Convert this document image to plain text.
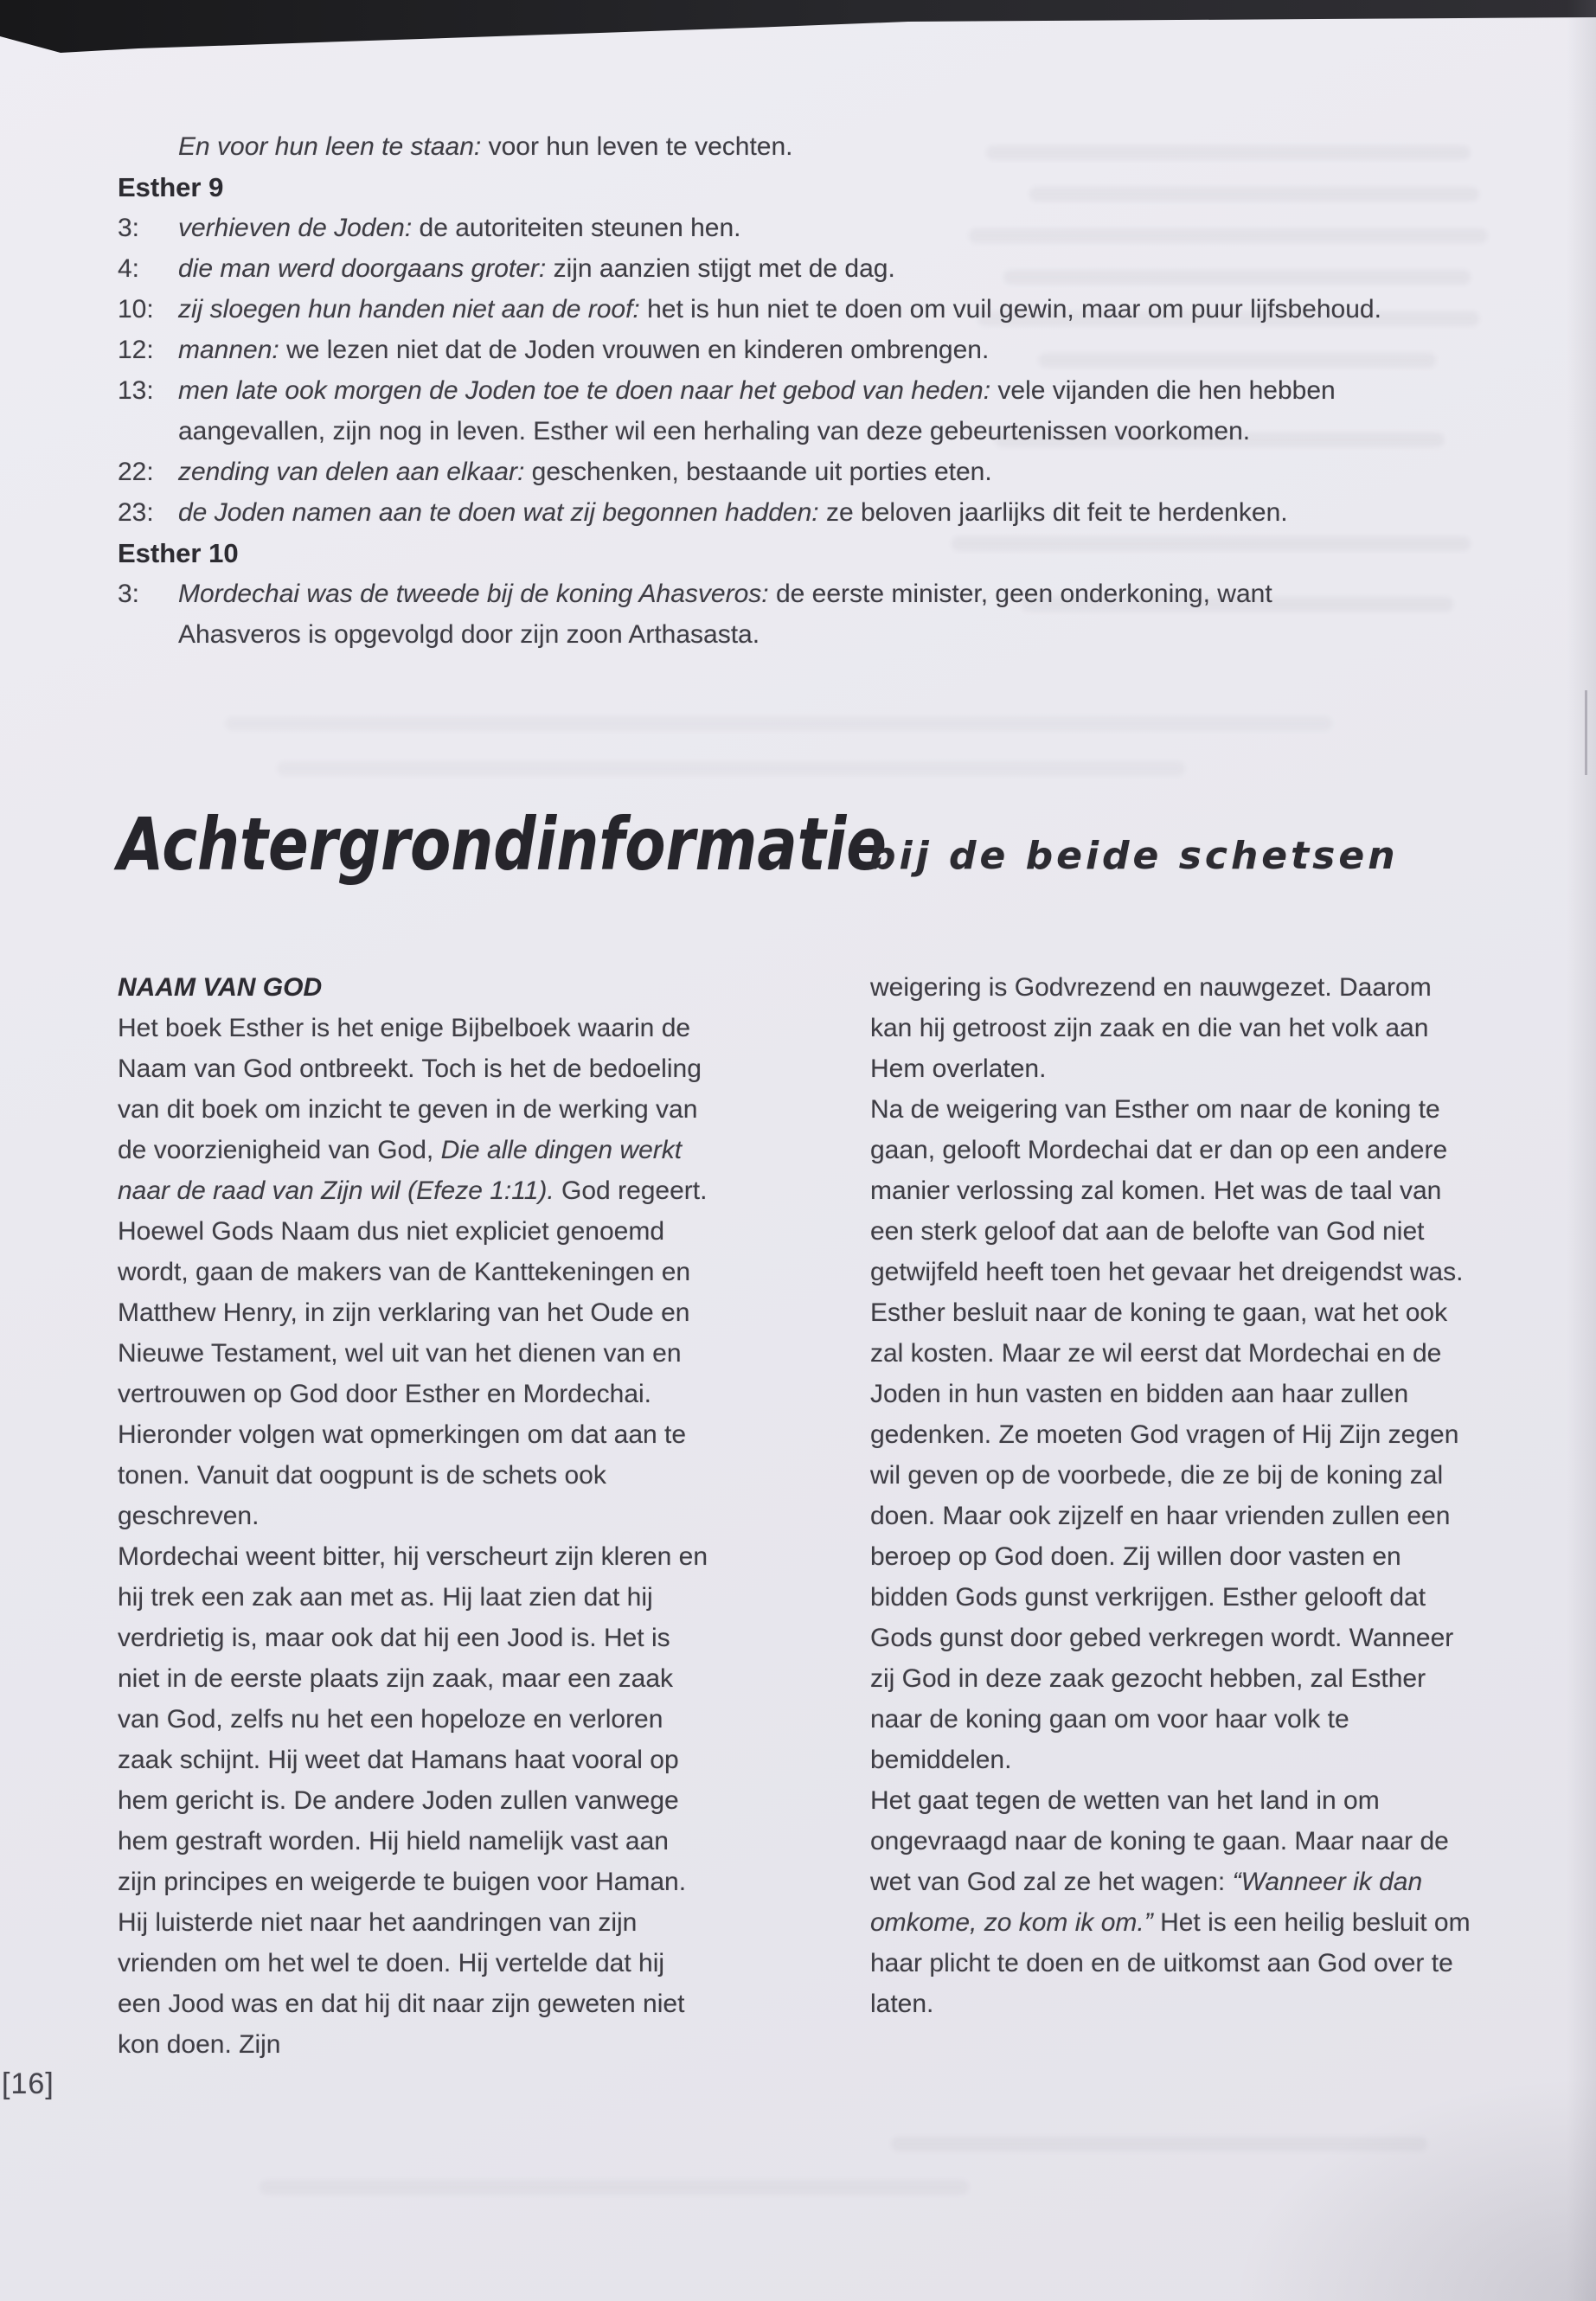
En voor hun leen te staan: voor hun leven te vechten.
Esther 9
3: verhieven de Joden: de autoriteiten steunen hen.
4: die man werd doorgaans groter: zijn aanzien stijgt met de dag.
10: zij sloegen hun handen niet aan de roof: het is hun niet te doen om vuil gewin, maar om puur lijfsbehoud.
12: mannen: we lezen niet dat de Joden vrouwen en kinderen ombrengen.
13: men late ook morgen de Joden toe te doen naar het gebod van heden: vele vijanden die hen hebben aangevallen, zijn nog in leven. Esther wil een herhaling van deze gebeurtenissen voorkomen.
22: zending van delen aan elkaar: geschenken, bestaande uit porties eten.
23: de Joden namen aan te doen wat zij begonnen hadden: ze beloven jaarlijks dit feit te herdenken.
Esther 10
3: Mordechai was de tweede bij de koning Ahasveros: de eerste minister, geen onderkoning, want Ahasveros is opgevolgd door zijn zoon Arthasasta.
Achtergrondinformatie
bij de beide schetsen
NAAM VAN GOD

Het boek Esther is het enige Bijbelboek waarin de Naam van God ontbreekt. Toch is het de bedoeling van dit boek om inzicht te geven in de werking van de voorzienigheid van God, Die alle dingen werkt naar de raad van Zijn wil (Efeze 1:11). God regeert.

Hoewel Gods Naam dus niet expliciet genoemd wordt, gaan de makers van de Kanttekeningen en Matthew Henry, in zijn verklaring van het Oude en Nieuwe Testament, wel uit van het dienen van en vertrouwen op God door Esther en Mordechai.

Hieronder volgen wat opmerkingen om dat aan te tonen. Vanuit dat oogpunt is de schets ook geschreven.

Mordechai weent bitter, hij verscheurt zijn kleren en hij trek een zak aan met as. Hij laat zien dat hij verdrietig is, maar ook dat hij een Jood is. Het is niet in de eerste plaats zijn zaak, maar een zaak van God, zelfs nu het een hopeloze en verloren zaak schijnt. Hij weet dat Hamans haat vooral op hem gericht is. De andere Joden zullen vanwege hem gestraft worden. Hij hield namelijk vast aan zijn principes en weigerde te buigen voor Haman. Hij luisterde niet naar het aandringen van zijn vrienden om het wel te doen. Hij vertelde dat hij een Jood was en dat hij dit naar zijn geweten niet kon doen. Zijn

weigering is Godvrezend en nauwgezet. Daarom kan hij getroost zijn zaak en die van het volk aan Hem overlaten.

Na de weigering van Esther om naar de koning te gaan, gelooft Mordechai dat er dan op een andere manier verlossing zal komen. Het was de taal van een sterk geloof dat aan de belofte van God niet getwijfeld heeft toen het gevaar het dreigendst was.

Esther besluit naar de koning te gaan, wat het ook zal kosten. Maar ze wil eerst dat Mordechai en de Joden in hun vasten en bidden aan haar zullen gedenken. Ze moeten God vragen of Hij Zijn zegen wil geven op de voorbede, die ze bij de koning zal doen. Maar ook zijzelf en haar vrienden zullen een beroep op God doen. Zij willen door vasten en bidden Gods gunst verkrijgen. Esther gelooft dat Gods gunst door gebed verkregen wordt. Wanneer zij God in deze zaak gezocht hebben, zal Esther naar de koning gaan om voor haar volk te bemiddelen.

Het gaat tegen de wetten van het land in om ongevraagd naar de koning te gaan. Maar naar de wet van God zal ze het wagen: “Wanneer ik dan omkome, zo kom ik om.” Het is een heilig besluit om haar plicht te doen en de uitkomst aan God over te laten.

[16]
